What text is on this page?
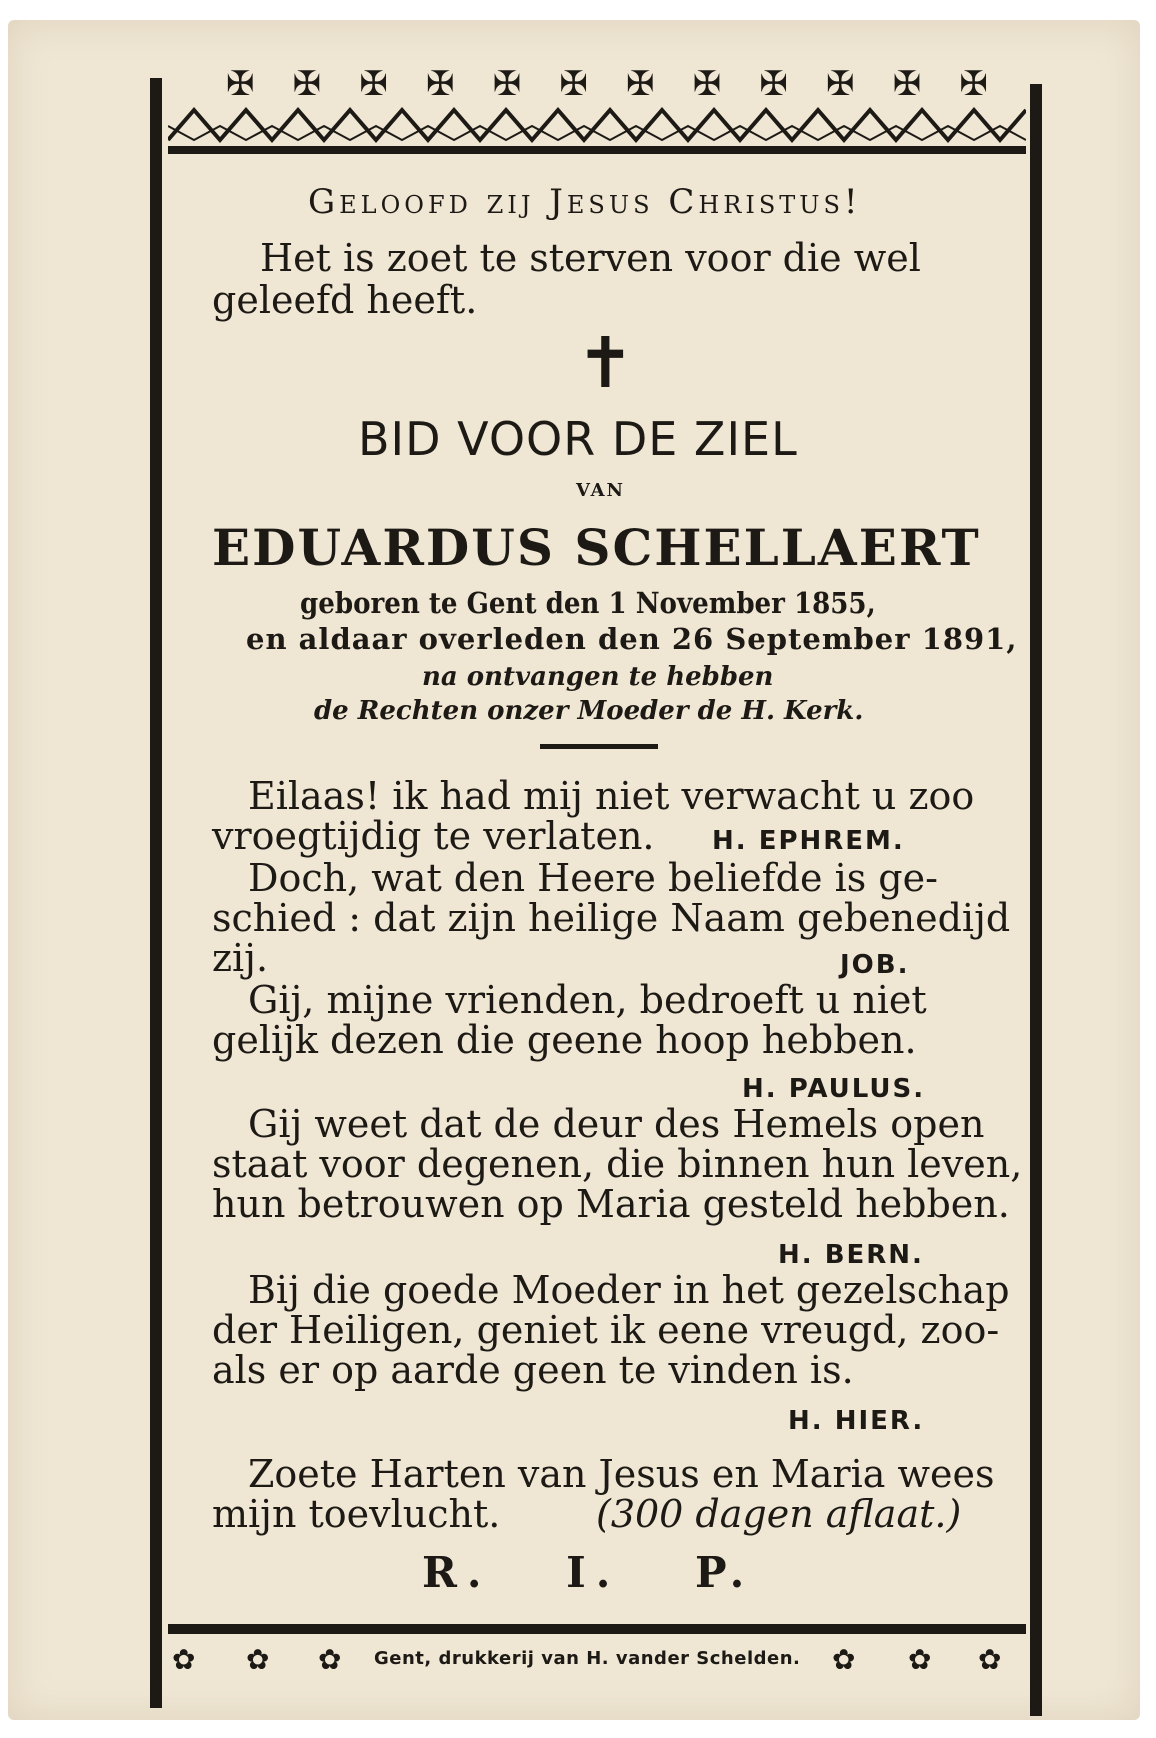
✠ ✠ ✠ ✠ ✠ ✠ ✠ ✠ ✠ ✠ ✠ ✠
Geloofd zij Jesus Christus!
Het is zoet te sterven voor die wel
geleefd heeft.
✝
BID VOOR DE ZIEL
VAN
EDUARDUS SCHELLAERT
geboren te Gent den 1 November 1855,
en aldaar overleden den 26 September 1891,
na ontvangen te hebben
de Rechten onzer Moeder de H. Kerk.
Eilaas! ik had mij niet verwacht u zoo
vroegtijdig te verlaten. H. EPHREM.
Doch, wat den Heere beliefde is ge-
schied : dat zijn heilige Naam gebenedijd
zij.	JOB.
Gij, mijne vrienden, bedroeft u niet
gelijk dezen die geene hoop hebben.
H. PAULUS.
Gij weet dat de deur des Hemels open
staat voor degenen, die binnen hun leven,
hun betrouwen op Maria gesteld hebben.
H. BERN.
Bij die goede Moeder in het gezelschap
der Heiligen, geniet ik eene vreugd, zoo-
als er op aarde geen te vinden is.
H. HIER.
Zoete Harten van Jesus en Maria wees
mijn toevlucht.	(300 dagen aflaat.)
R. I. P.
✿ ✿ ✿ Gent, drukkerij van H. vander Schelden. ✿ ✿ ✿
